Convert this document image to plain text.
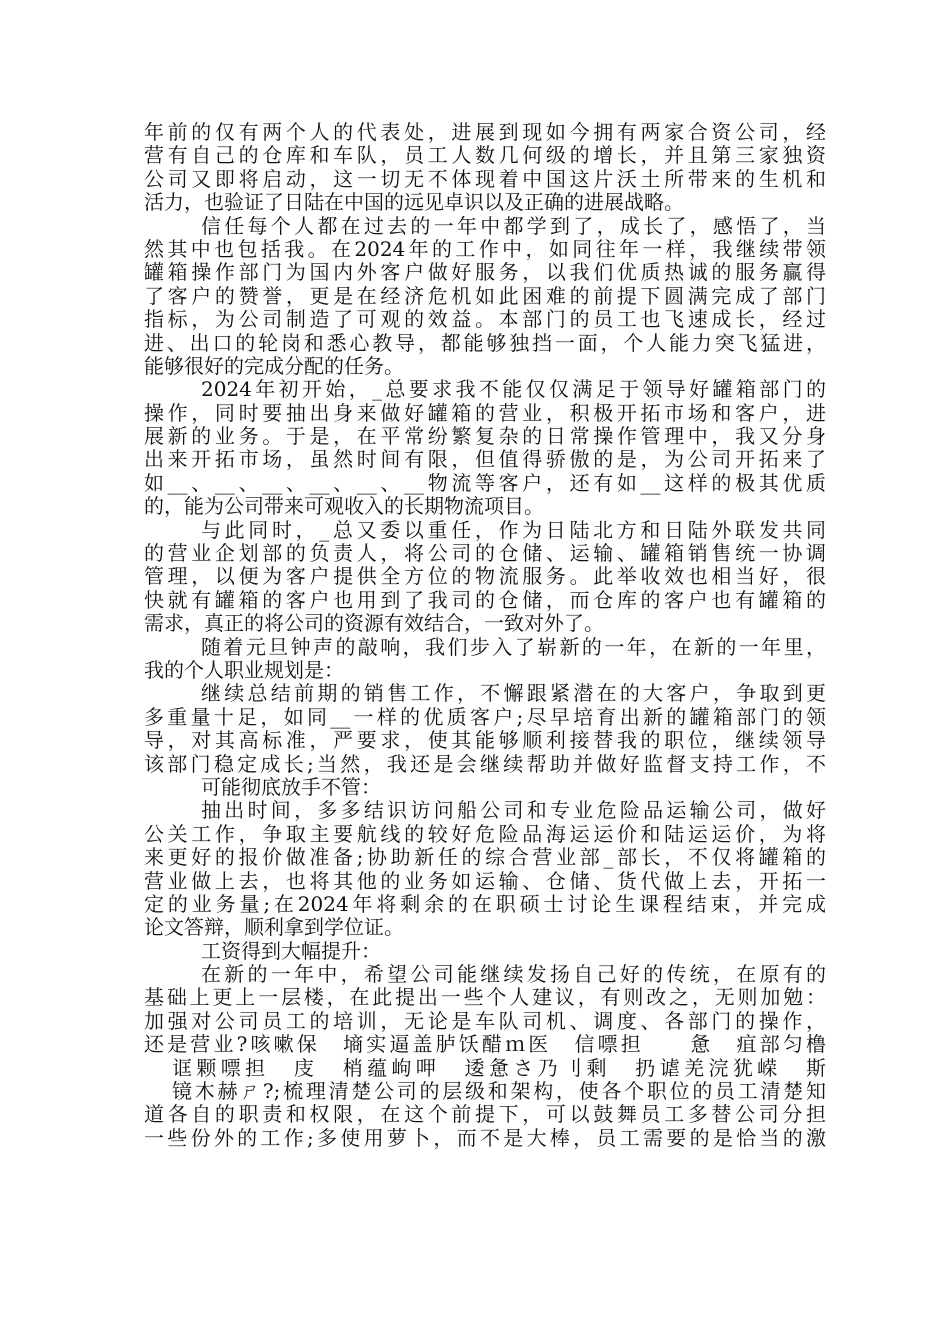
年前的仅有两个人的代表处，进展到现如今拥有两家合资公司，经
营有自己的仓库和车队，员工人数几何级的增长，并且第三家独资
公司又即将启动，这一切无不体现着中国这片沃土所带来的生机和
活力，也验证了日陆在中国的远见卓识以及正确的进展战略。
信任每个人都在过去的一年中都学到了，成长了，感悟了，当
然其中也包括我。在2024年的工作中，如同往年一样，我继续带领
罐箱操作部门为国内外客户做好服务，以我们优质热诚的服务赢得
了客户的赞誉，更是在经济危机如此困难的前提下圆满完成了部门
指标，为公司制造了可观的效益。本部门的员工也飞速成长，经过
进、出口的轮岗和悉心教导，都能够独挡一面，个人能力突飞猛进，
能够很好的完成分配的任务。
2024年初开始，_总要求我不能仅仅满足于领导好罐箱部门的
操作，同时要抽出身来做好罐箱的营业，积极开拓市场和客户，进
展新的业务。于是，在平常纷繁复杂的日常操作管理中，我又分身
出来开拓市场，虽然时间有限，但值得骄傲的是，为公司开拓来了
如__、__、__、__、__、__物流等客户，还有如__这样的极其优质
的，能为公司带来可观收入的长期物流项目。
与此同时，_总又委以重任，作为日陆北方和日陆外联发共同
的营业企划部的负责人，将公司的仓储、运输、罐箱销售统一协调
管理，以便为客户提供全方位的物流服务。此举收效也相当好，很
快就有罐箱的客户也用到了我司的仓储，而仓库的客户也有罐箱的
需求，真正的将公司的资源有效结合，一致对外了。
随着元旦钟声的敲响，我们步入了崭新的一年，在新的一年里，
我的个人职业规划是：
继续总结前期的销售工作，不懈跟紧潜在的大客户，争取到更
多重量十足，如同__一样的优质客户;尽早培育出新的罐箱部门的领
导，对其高标准，严要求，使其能够顺利接替我的职位，继续领导
该部门稳定成长;当然，我还是会继续帮助并做好监督支持工作，不
可能彻底放手不管：
抽出时间，多多结识访问船公司和专业危险品运输公司，做好
公关工作，争取主要航线的较好危险品海运运价和陆运运价，为将
来更好的报价做准备;协助新任的综合营业部_部长，不仅将罐箱的
营业做上去，也将其他的业务如运输、仓储、货代做上去，开拓一
定的业务量;在2024年将剩余的在职硕士讨论生课程结束，并完成
论文答辩，顺利拿到学位证。
工资得到大幅提升：
在新的一年中，希望公司能继续发扬自己好的传统，在原有的
基础上更上一层楼，在此提出一些个人建议，有则改之，无则加勉：
加强对公司员工的培训，无论是车队司机、调度、各部门的操作，
还是营业?咳嗽保　墒实逼盖胪饫醋ｍ医　信嘌担　　惫　疽部匀橹
诓颗嘌担　庋　梢蕴岣呷　逶惫さ乃刂剩　扔谑羌浣犹嵘　斯
镜木赫ㄕ?;梳理清楚公司的层级和架构，使各个职位的员工清楚知
道各自的职责和权限，在这个前提下，可以鼓舞员工多替公司分担
一些份外的工作;多使用萝卜，而不是大棒，员工需要的是恰当的激
